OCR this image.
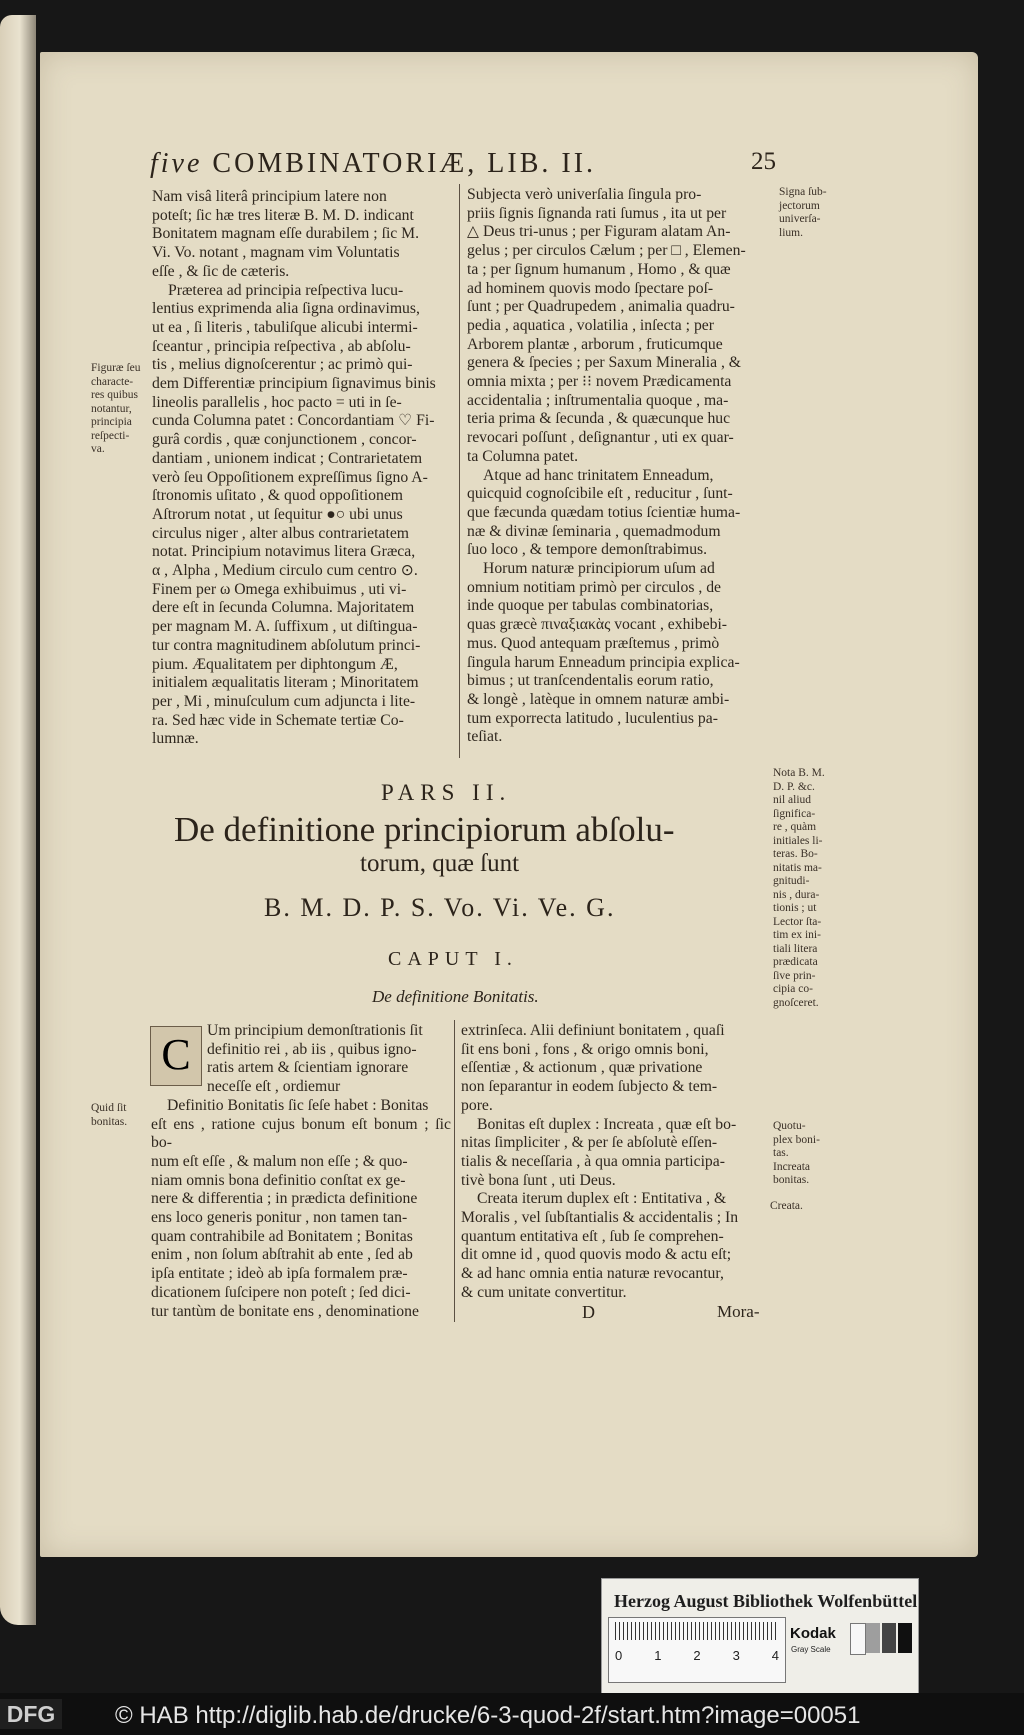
five COMBINATORIÆ, LIB. II.	25

Nam visâ literâ principium latere non
poteſt; ſic hæ tres literæ B. M. D. indicant
Bonitatem magnam eſſe durabilem ; ſic M.
Vi. Vo. notant , magnam vim Voluntatis
eſſe , & ſic de cæteris.

Præterea ad principia reſpectiva lucu-
lentius exprimenda alia ſigna ordinavimus,
ut ea , ſi literis , tabuliſque alicubi intermi-
ſceantur , principia reſpectiva , ab abſolu-
tis , melius dignoſcerentur ; ac primò qui-
dem Differentiæ principium ſignavimus binis
lineolis parallelis , hoc pacto = uti in ſe-
cunda Columna patet : Concordantiam ♡ Fi-
gurâ cordis , quæ conjunctionem , concor-
dantiam , unionem indicat ; Contrarietatem
verò ſeu Oppoſitionem expreſſimus ſigno A-
ſtronomis uſitato , & quod oppoſitionem
Aſtrorum notat , ut ſequitur ●○ ubi unus
circulus niger , alter albus contrarietatem
notat. Principium notavimus litera Græca,
α , Alpha , Medium circulo cum centro ⊙.
Finem per ω Omega exhibuimus , uti vi-
dere eſt in ſecunda Columna. Majoritatem
per magnam M. A. ſuffixum , ut diſtingua-
tur contra magnitudinem abſolutum princi-
pium. Æqualitatem per diphtongum Æ,
initialem æqualitatis literam ; Minoritatem
per , Mi , minuſculum cum adjuncta i lite-
ra. Sed hæc vide in Schemate tertiæ Co-
lumnæ.

Subjecta verò univerſalia ſingula pro-
priis ſignis ſignanda rati ſumus , ita ut per
△ Deus tri-unus ; per Figuram alatam An-
gelus ; per circulos Cælum ; per □ , Elemen-
ta ; per ſignum humanum , Homo , & quæ
ad hominem quovis modo ſpectare poſ-
ſunt ; per Quadrupedem , animalia quadru-
pedia , aquatica , volatilia , inſecta ; per
Arborem plantæ , arborum , fruticumque
genera & ſpecies ; per Saxum Mineralia , &
omnia mixta ; per ⁝⁝ novem Prædicamenta
accidentalia ; inſtrumentalia quoque , ma-
teria prima & ſecunda , & quæcunque huc
revocari poſſunt , deſignantur , uti ex quar-
ta Columna patet.

Atque ad hanc trinitatem Enneadum,
quicquid cognoſcibile eſt , reducitur , ſunt-
que fæcunda quædam totius ſcientiæ huma-
næ & divinæ ſeminaria , quemadmodum
ſuo loco , & tempore demonſtrabimus.

Horum naturæ principiorum uſum ad
omnium notitiam primò per circulos , de
inde quoque per tabulas combinatorias,
quas græcè πιναξιακὰς vocant , exhibebi-
mus. Quod antequam præſtemus , primò
ſingula harum Enneadum principia explica-
bimus ; ut tranſcendentalis eorum ratio,
& longè , latèque in omnem naturæ ambi-
tum exporrecta latitudo , luculentius pa-
teſiat.

Signa ſub-
jectorum
univerſa-
lium.
Figuræ ſeu
characte-
res quibus
notantur,
principia
reſpecti-
va.
Nota B. M.
D. P. &c.
nil aliud
ſignifica-
re , quàm
initiales li-
teras. Bo-
nitatis ma-
gnitudi-
nis , dura-
tionis ; ut
Lector ſta-
tim ex ini-
tiali litera
prædicata
ſive prin-
cipia co-
gnoſceret.
Quid ſit
bonitas.	Quotu-
plex boni-
tas.
Increata
bonitas.
Creata.
PARS II.
De definitione principiorum abſolu-
torum, quæ ſunt
B. M. D. P. S. Vo. Vi. Ve. G.
CAPUT I.
De definitione Bonitatis.
C	Um principium demonſtrationis ſit
definitio rei , ab iis , quibus igno-
ratis artem & ſcientiam ignorare
neceſſe eſt , ordiemur

Definitio Bonitatis ſic ſeſe habet : Bonitas
eſt ens , ratione cujus bonum eſt bonum ; ſic bo-
num eſt eſſe , & malum non eſſe ; & quo-
niam omnis bona definitio conſtat ex ge-
nere & differentia ; in prædicta definitione
ens loco generis ponitur , non tamen tan-
quam contrahibile ad Bonitatem ; Bonitas
enim , non ſolum abſtrahit ab ente , ſed ab
ipſa entitate ; ideò ab ipſa formalem præ-
dicationem ſuſcipere non poteſt ; ſed dici-
tur tantùm de bonitate ens , denominatione

extrinſeca. Alii definiunt bonitatem , quaſi
ſit ens boni , fons , & origo omnis boni,
eſſentiæ , & actionum , quæ privatione
non ſeparantur in eodem ſubjecto & tem-
pore.

Bonitas eſt duplex : Increata , quæ eſt bo-
nitas ſimpliciter , & per ſe abſolutè eſſen-
tialis & neceſſaria , à qua omnia participa-
tivè bona ſunt , uti Deus.

Creata iterum duplex eſt : Entitativa , &
Moralis , vel ſubſtantialis & accidentalis ; In
quantum entitativa eſt , ſub ſe comprehen-
dit omne id , quod quovis modo & actu eſt;
& ad hanc omnia entia naturæ revocantur,
& cum unitate convertitur.

D	Mora-
Herzog August Bibliothek Wolfenbüttel
0 1 2 3 4
Kodak
Gray Scale
DFG © HAB http://diglib.hab.de/drucke/6-3-quod-2f/start.htm?image=00051
